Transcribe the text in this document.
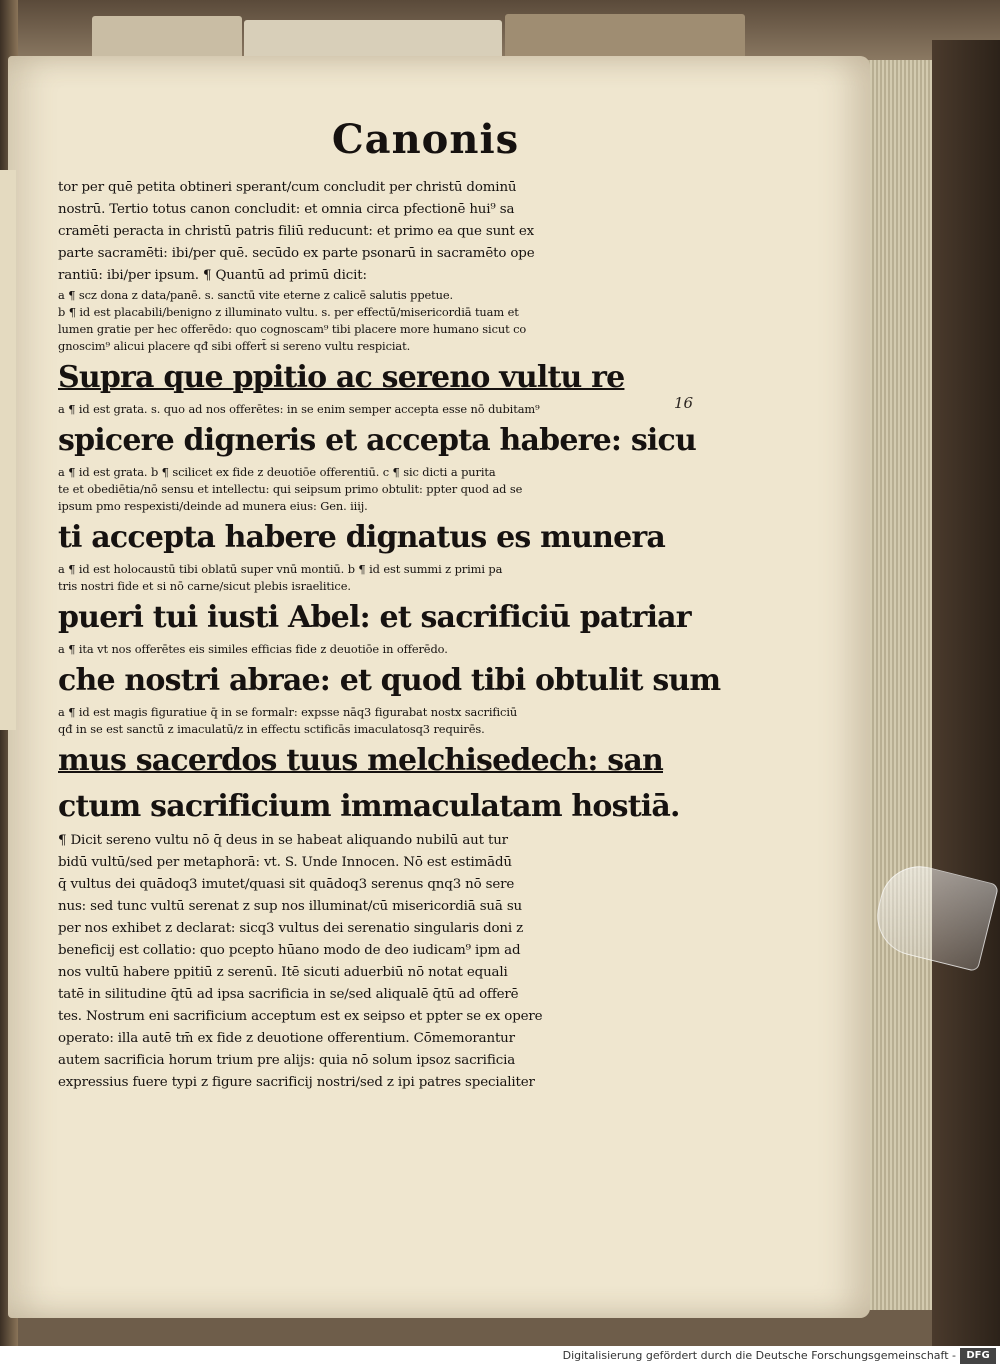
Canonis
tor per quē petita obtineri sperant/cum concludit per christū dominū
nostrū. Tertio totus canon concludit: et omnia circa pfectionē hui⁹ sa
cramēti peracta in christū patris filiū reducunt: et primo ea que sunt ex
parte sacramēti: ibi/per quē. secūdo ex parte psonarū in sacramēto ope
rantiū: ibi/per ipsum. ¶ Quantū ad primū dicit:
a ¶ scz dona z data/panē. s. sanctū vite eterne z calicē salutis ppetue.
b ¶ id est placabili/benigno z illuminato vultu. s. per effectū/misericordiā tuam et
lumen gratie per hec offerēdo: quo cognoscam⁹ tibi placere more humano sicut co
gnoscim⁹ alicui placere qđ sibi offert̄ si sereno vultu respiciat.
Supra que ppitio ac sereno vultu re
a ¶ id est grata. s. quo ad nos offerētes: in se enim semper accepta esse nō dubitam⁹
spicere digneris et accepta habere: sicu
a ¶ id est grata. b ¶ scilicet ex fide z deuotiōe offerentiū. c ¶ sic dicti a purita
te et obediētia/nō sensu et intellectu: qui seipsum primo obtulit: ppter quod ad se
ipsum pmo respexisti/deinde ad munera eius: Gen. iiij.
ti accepta habere dignatus es munera
a ¶ id est holocaustū tibi oblatū super vnū montiū. b ¶ id est summi z primi pa
tris nostri fide et si nō carne/sicut plebis israelitice.
pueri tui iusti Abel: et sacrificiū patriar
a ¶ ita vt nos offerētes eis similes efficias fide z deuotiōe in offerēdo.
che nostri abrae: et quod tibi obtulit sum
a ¶ id est magis figuratiue q̄ in se formalr: expsse nāq3 figurabat nostx sacrificiū
qđ in se est sanctū z imaculatū/z in effectu sctificās imaculatosq3 requirēs.
mus sacerdos tuus melchisedech: san
ctum sacrificium immaculatam hostiā.
¶ Dicit sereno vultu nō q̄ deus in se habeat aliquando nubilū aut tur
bidū vultū/sed per metaphorā: vt. S. Unde Innocen. Nō est estimādū
q̄ vultus dei quādoq3 imutet/quasi sit quādoq3 serenus qnq3 nō sere
nus: sed tunc vultū serenat z sup nos illuminat/cū misericordiā suā su
per nos exhibet z declarat: sicq3 vultus dei serenatio singularis doni z
beneficij est collatio: quo pcepto hūano modo de deo iudicam⁹ ipm ad
nos vultū habere ppitiū z serenū. Itē sicuti aduerbiū nō notat equali
tatē in silitudine q̄tū ad ipsa sacrificia in se/sed aliqualē q̄tū ad offerē
tes. Nostrum eni sacrificium acceptum est ex seipso et ppter se ex opere
operato: illa autē tm̄ ex fide z deuotione offerentium. Cōmemorantur
autem sacrificia horum trium pre alijs: quia nō solum ipsoz sacrificia
expressius fuere typi z figure sacrificij nostri/sed z ipi patres specialiter
16
Digitalisierung gefördert durch die Deutsche Forschungsgemeinschaft -	DFG
